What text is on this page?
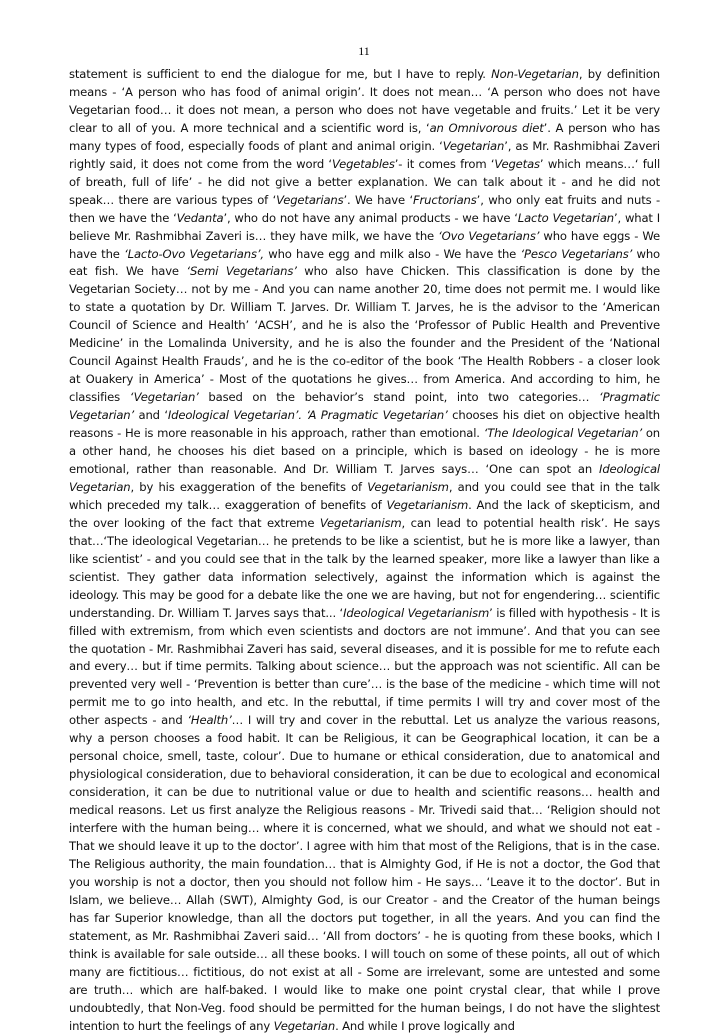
11

statement is sufficient to end the dialogue for me, but I have to reply. Non-Vegetarian, by definition means - ‘A person who has food of animal origin’. It does not mean… ‘A person who does not have Vegetarian food… it does not mean, a person who does not have vegetable and fruits.’ Let it be very clear to all of you. A more technical and a scientific word is, ‘an Omnivorous diet’. A person who has many types of food, especially foods of plant and animal origin. ‘Vegetarian’, as Mr. Rashmibhai Zaveri rightly said, it does not come from the word ‘Vegetables’- it comes from ‘Vegetas’ which means…‘ full of breath, full of life’ - he did not give a better explanation. We can talk about it - and he did not speak… there are various types of ‘Vegetarians’. We have ‘Fructorians’, who only eat fruits and nuts - then we have the ‘Vedanta’, who do not have any animal products - we have ‘Lacto Vegetarian’, what I believe Mr. Rashmibhai Zaveri is… they have milk, we have the ‘Ovo Vegetarians’ who have eggs - We have the ‘Lacto-Ovo Vegetarians’, who have egg and milk also - We have the ‘Pesco Vegetarians’ who eat fish. We have ‘Semi Vegetarians’ who also have Chicken. This classification is done by the Vegetarian Society… not by me - And you can name another 20, time does not permit me. I would like to state a quotation by Dr. William T. Jarves. Dr. William T. Jarves, he is the advisor to the ‘American Council of Science and Health’ ‘ACSH’, and he is also the ‘Professor of Public Health and Preventive Medicine’ in the Lomalinda University, and he is also the founder and the President of the ‘National Council Against Health Frauds’, and he is the co-editor of the book ‘The Health Robbers - a closer look at Ouakery in America’ - Most of the quotations he gives… from America. And according to him, he classifies ‘Vegetarian’ based on the behavior’s stand point, into two categories… ‘Pragmatic Vegetarian’ and ‘Ideological Vegetarian’. ‘A Pragmatic Vegetarian’ chooses his diet on objective health reasons - He is more reasonable in his approach, rather than emotional. ‘The Ideological Vegetarian’ on a other hand, he chooses his diet based on a principle, which is based on ideology - he is more emotional, rather than reasonable. And Dr. William T. Jarves says… ‘One can spot an Ideological Vegetarian, by his exaggeration of the benefits of Vegetarianism, and you could see that in the talk which preceded my talk… exaggeration of benefits of Vegetarianism. And the lack of skepticism, and the over looking of the fact that extreme Vegetarianism, can lead to potential health risk’. He says that…‘The ideological Vegetarian… he pretends to be like a scientist, but he is more like a lawyer, than like scientist’ - and you could see that in the talk by the learned speaker, more like a lawyer than like a scientist. They gather data information selectively, against the information which is against the ideology. This may be good for a debate like the one we are having, but not for engendering… scientific understanding. Dr. William T. Jarves says that... ‘Ideological Vegetarianism’ is filled with hypothesis - It is filled with extremism, from which even scientists and doctors are not immune’. And that you can see the quotation - Mr. Rashmibhai Zaveri has said, several diseases, and it is possible for me to refute each and every… but if time permits. Talking about science… but the approach was not scientific. All can be prevented very well - ‘Prevention is better than cure’… is the base of the medicine - which time will not permit me to go into health, and etc. In the rebuttal, if time permits I will try and cover most of the other aspects - and ‘Health’… I will try and cover in the rebuttal. Let us analyze the various reasons, why a person chooses a food habit. It can be Religious, it can be Geographical location, it can be a personal choice, smell, taste, colour’. Due to humane or ethical consideration, due to anatomical and physiological consideration, due to behavioral consideration, it can be due to ecological and economical consideration, it can be due to nutritional value or due to health and scientific reasons… health and medical reasons. Let us first analyze the Religious reasons - Mr. Trivedi said that… ‘Religion should not interfere with the human being… where it is concerned, what we should, and what we should not eat - That we should leave it up to the doctor’. I agree with him that most of the Religions, that is in the case. The Religious authority, the main foundation… that is Almighty God, if He is not a doctor, the God that you worship is not a doctor, then you should not follow him - He says… ‘Leave it to the doctor’. But in Islam, we believe… Allah (SWT), Almighty God, is our Creator - and the Creator of the human beings has far Superior knowledge, than all the doctors put together, in all the years. And you can find the statement, as Mr. Rashmibhai Zaveri said… ‘All from doctors’ - he is quoting from these books, which I think is available for sale outside… all these books. I will touch on some of these points, all out of which many are fictitious… fictitious, do not exist at all - Some are irrelevant, some are untested and some are truth… which are half-baked. I would like to make one point crystal clear, that while I prove undoubtedly, that Non-Veg. food should be permitted for the human beings, I do not have the slightest intention to hurt the feelings of any Vegetarian. And while I prove logically and
